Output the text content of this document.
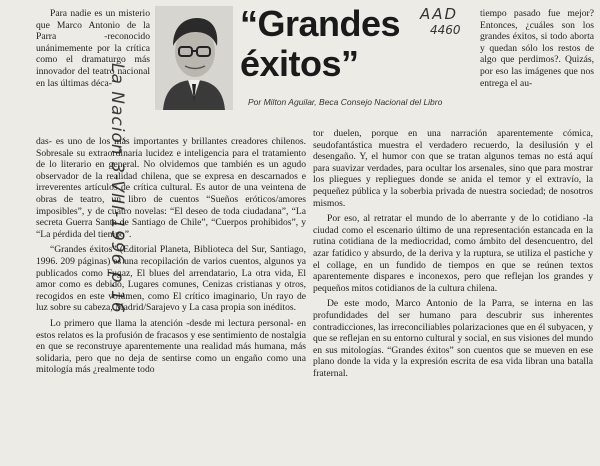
La Nación 3-VIII-1996 p.16
AAD
4460
“Grandes
éxitos”
Por Milton Aguilar, Beca Consejo Nacional del Libro

Para nadie es un misterio que Marco Antonio de la Parra -reconocido unánimemente por la crítica como el dramaturgo más innovador del teatro nacional en las últimas déca-

das- es uno de los más importantes y brillantes creadores chilenos. Sobresale su extraordinaria lucidez e inteligencia para el tratamiento de lo literario en general. No olvidemos que también es un agudo observador de la realidad chilena, que se expresa en descarnados e irreverentes artículos de crítica cultural. Es autor de una veintena de obras de teatro, un libro de cuentos “Sueños eróticos/amores imposibles”, y de cuatro novelas: “El deseo de toda ciudadana”, “La secreta Guerra Santa de Santiago de Chile”, “Cuerpos prohibidos”, y “La pérdida del tiempo”.

“Grandes éxitos” (Editorial Planeta, Biblioteca del Sur, Santiago, 1996. 209 páginas) es una recopilación de varios cuentos, algunos ya publicados como Fugaz, El blues del arrendatario, La otra vida, El amor como es debido, Lugares comunes, Cenizas cristianas y otros, recogidos en este volumen, como El crítico imaginario, Un rayo de luz sobre su cabeza, Madrid/Sarajevo y La casa propia son inéditos.

Lo primero que llama la atención -desde mi lectura personal- en estos relatos es la profusión de fracasos y ese sentimiento de nostalgia en que se reconstruye aparentemente una realidad más humana, más solidaria, pero que no deja de sentirse como un engaño como una mitología más ¿realmente todo

tiempo pasado fue mejor? Entonces, ¿cuáles son los grandes éxitos, si todo aborta y quedan sólo los restos de algo que perdimos?. Quizás, por eso las imágenes que nos entrega el au-

tor duelen, porque en una narración aparentemente cómica, seudofantástica muestra el verdadero recuerdo, la desilusión y el desengaño. Y, el humor con que se tratan algunos temas no está aquí para suavizar verdades, para ocultar los arsenales, sino que para mostrar los pliegues y repliegues donde se anida el temor y el extravío, la pequeñez pública y la soberbia privada de nuestra sociedad; de nosotros mismos.

Por eso, al retratar el mundo de lo aberrante y de lo cotidiano -la ciudad como el escenario último de una representación estancada en la rutina cotidiana de la mediocridad, como ámbito del desencuentro, del azar fatídico y absurdo, de la deriva y la ruptura, se utiliza el pastiche y el collage, en un fundido de tiempos en que se reúnen textos aparentemente dispares e inconexos, pero que reflejan los grandes y pequeños mitos cotidianos de la cultura chilena.

De este modo, Marco Antonio de la Parra, se interna en las profundidades del ser humano para descubrir sus inherentes contradicciones, las irreconciliables polarizaciones que en él subyacen, y que se reflejan en su entorno cultural y social, en sus visiones del mundo en sus mitologías. “Grandes éxitos” son cuentos que se mueven en ese plano donde la vida y la expresión escrita de esa vida libran una batalla fraternal.
